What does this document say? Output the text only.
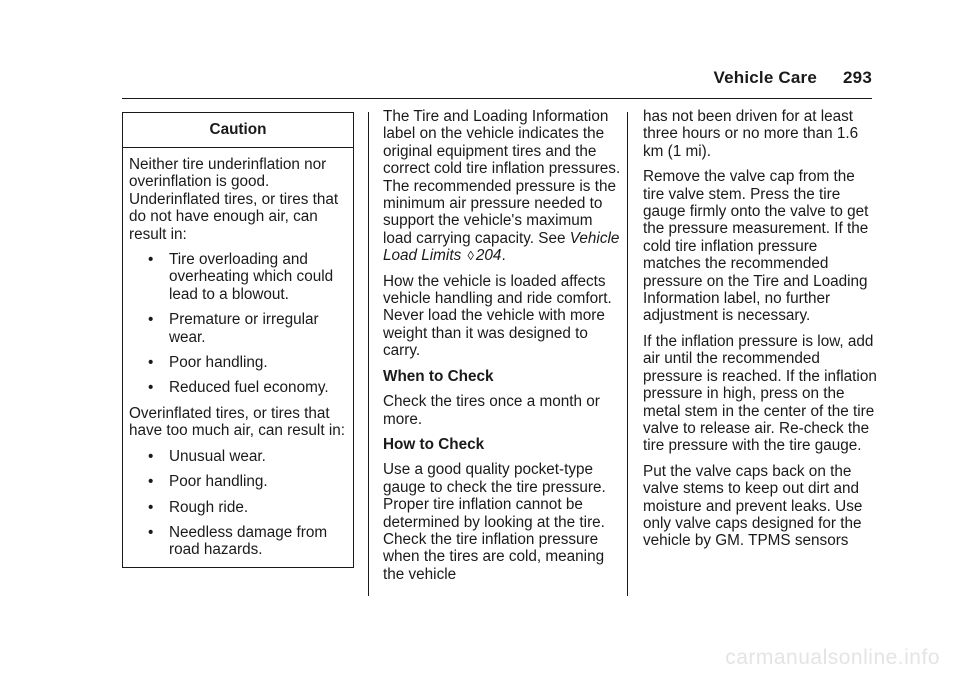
Vehicle Care 293
Caution

Neither tire underinflation nor overinflation is good. Underinflated tires, or tires that do not have enough air, can result in:

• Tire overloading and overheating which could lead to a blowout.
• Premature or irregular wear.
• Poor handling.
• Reduced fuel economy.

Overinflated tires, or tires that have too much air, can result in:

• Unusual wear.
• Poor handling.
• Rough ride.
• Needless damage from road hazards.

The Tire and Loading Information label on the vehicle indicates the original equipment tires and the correct cold tire inflation pressures. The recommended pressure is the minimum air pressure needed to support the vehicle's maximum load carrying capacity. See Vehicle Load Limits ◊ 204.

How the vehicle is loaded affects vehicle handling and ride comfort. Never load the vehicle with more weight than it was designed to carry.

When to Check

Check the tires once a month or more.

How to Check

Use a good quality pocket-type gauge to check the tire pressure. Proper tire inflation cannot be determined by looking at the tire. Check the tire inflation pressure when the tires are cold, meaning the vehicle

has not been driven for at least three hours or no more than 1.6 km (1 mi).

Remove the valve cap from the tire valve stem. Press the tire gauge firmly onto the valve to get the pressure measurement. If the cold tire inflation pressure matches the recommended pressure on the Tire and Loading Information label, no further adjustment is necessary.

If the inflation pressure is low, add air until the recommended pressure is reached. If the inflation pressure in high, press on the metal stem in the center of the tire valve to release air. Re-check the tire pressure with the tire gauge.

Put the valve caps back on the valve stems to keep out dirt and moisture and prevent leaks. Use only valve caps designed for the vehicle by GM. TPMS sensors

carmanualsonline.info
